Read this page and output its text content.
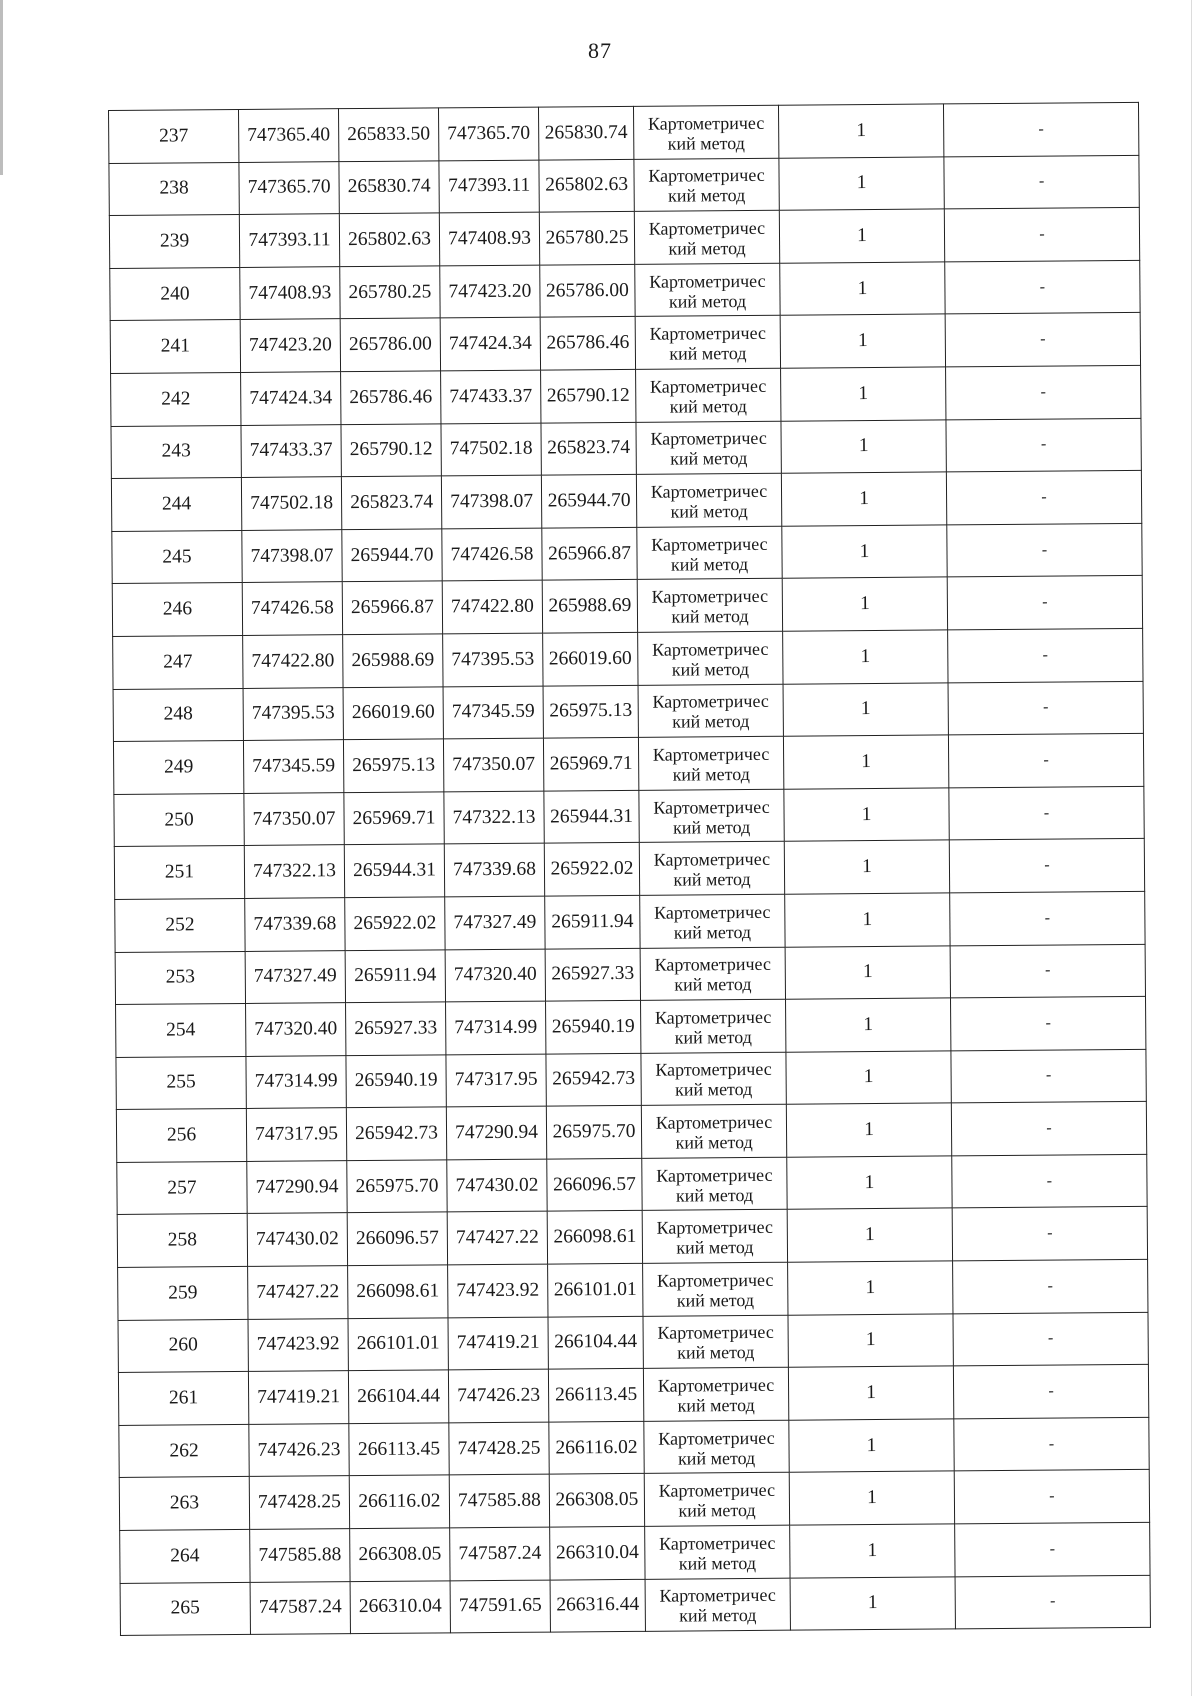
87
237	747365.40	265833.50	747365.70	265830.74	Картометричес
кий метод	1	-
238	747365.70	265830.74	747393.11	265802.63	Картометричес
кий метод	1	-
239	747393.11	265802.63	747408.93	265780.25	Картометричес
кий метод	1	-
240	747408.93	265780.25	747423.20	265786.00	Картометричес
кий метод	1	-
241	747423.20	265786.00	747424.34	265786.46	Картометричес
кий метод	1	-
242	747424.34	265786.46	747433.37	265790.12	Картометричес
кий метод	1	-
243	747433.37	265790.12	747502.18	265823.74	Картометричес
кий метод	1	-
244	747502.18	265823.74	747398.07	265944.70	Картометричес
кий метод	1	-
245	747398.07	265944.70	747426.58	265966.87	Картометричес
кий метод	1	-
246	747426.58	265966.87	747422.80	265988.69	Картометричес
кий метод	1	-
247	747422.80	265988.69	747395.53	266019.60	Картометричес
кий метод	1	-
248	747395.53	266019.60	747345.59	265975.13	Картометричес
кий метод	1	-
249	747345.59	265975.13	747350.07	265969.71	Картометричес
кий метод	1	-
250	747350.07	265969.71	747322.13	265944.31	Картометричес
кий метод	1	-
251	747322.13	265944.31	747339.68	265922.02	Картометричес
кий метод	1	-
252	747339.68	265922.02	747327.49	265911.94	Картометричес
кий метод	1	-
253	747327.49	265911.94	747320.40	265927.33	Картометричес
кий метод	1	-
254	747320.40	265927.33	747314.99	265940.19	Картометричес
кий метод	1	-
255	747314.99	265940.19	747317.95	265942.73	Картометричес
кий метод	1	-
256	747317.95	265942.73	747290.94	265975.70	Картометричес
кий метод	1	-
257	747290.94	265975.70	747430.02	266096.57	Картометричес
кий метод	1	-
258	747430.02	266096.57	747427.22	266098.61	Картометричес
кий метод	1	-
259	747427.22	266098.61	747423.92	266101.01	Картометричес
кий метод	1	-
260	747423.92	266101.01	747419.21	266104.44	Картометричес
кий метод	1	-
261	747419.21	266104.44	747426.23	266113.45	Картометричес
кий метод	1	-
262	747426.23	266113.45	747428.25	266116.02	Картометричес
кий метод	1	-
263	747428.25	266116.02	747585.88	266308.05	Картометричес
кий метод	1	-
264	747585.88	266308.05	747587.24	266310.04	Картометричес
кий метод	1	-
265	747587.24	266310.04	747591.65	266316.44	Картометричес
кий метод	1	-
